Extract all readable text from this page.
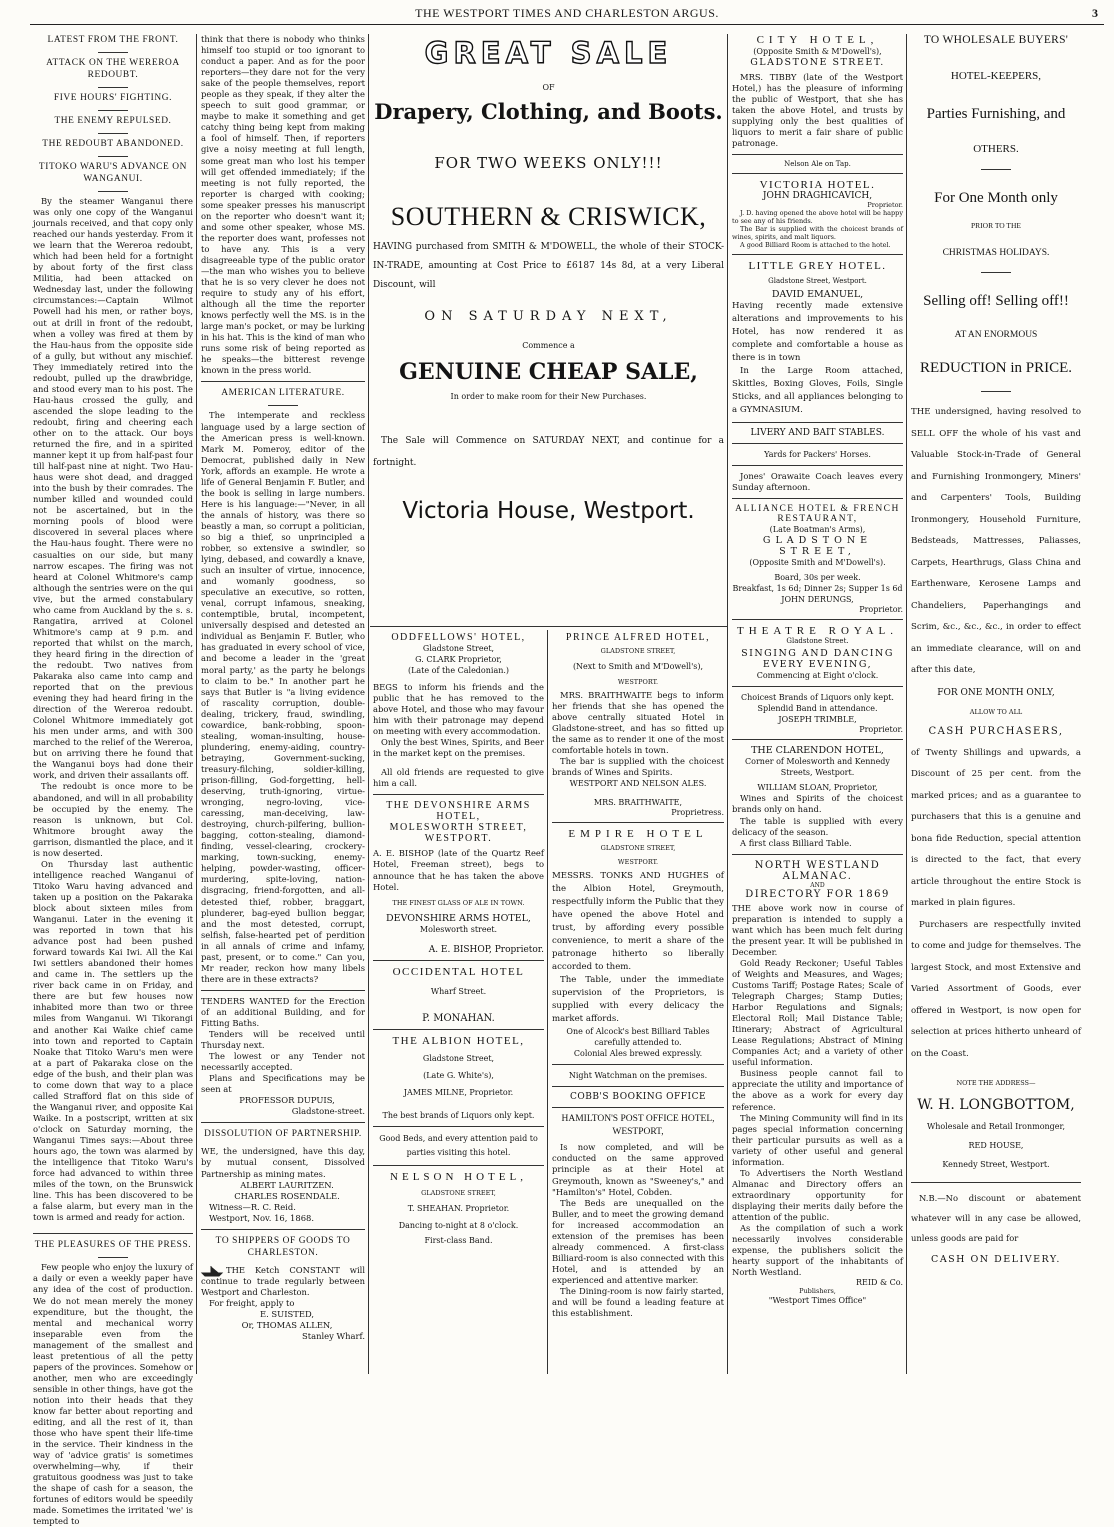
THE WESTPORT TIMES AND CHARLESTON ARGUS.	3
LATEST FROM THE FRONT.
ATTACK ON THE WEREROA REDOUBT.
FIVE HOURS' FIGHTING.
THE ENEMY REPULSED.
THE REDOUBT ABANDONED.
TITOKO WARU'S ADVANCE ON WANGANUI.

By the steamer Wanganui there was only one copy of the Wanganui journals received, and that copy only reached our hands yesterday. From it we learn that the Wereroa redoubt, which had been held for a fortnight by about forty of the first class Militia, had been attacked on Wednesday last, under the following circumstances:—Captain Wilmot Powell had his men, or rather boys, out at drill in front of the redoubt, when a volley was fired at them by the Hau-haus from the opposite side of a gully, but without any mischief. They immediately retired into the redoubt, pulled up the drawbridge, and stood every man to his post. The Hau-haus crossed the gully, and ascended the slope leading to the redoubt, firing and cheering each other on to the attack. Our boys returned the fire, and in a spirited manner kept it up from half-past four till half-past nine at night. Two Hau-haus were shot dead, and dragged into the bush by their comrades. The number killed and wounded could not be ascertained, but in the morning pools of blood were discovered in several places where the Hau-haus fought. There were no casualties on our side, but many narrow escapes. The firing was not heard at Colonel Whitmore's camp although the sentries were on the qui vive, but the armed constabulary who came from Auckland by the s. s. Rangatira, arrived at Colonel Whitmore's camp at 9 p.m. and reported that whilst on the march, they heard firing in the direction of the redoubt. Two natives from Pakaraka also came into camp and reported that on the previous evening they had heard firing in the direction of the Wereroa redoubt. Colonel Whitmore immediately got his men under arms, and with 300 marched to the relief of the Wereroa, but on arriving there he found that the Wanganui boys had done their work, and driven their assailants off.

The redoubt is once more to be abandoned, and will in all probability be occupied by the enemy. The reason is unknown, but Col. Whitmore brought away the garrison, dismantled the place, and it is now deserted.

On Thursday last authentic intelligence reached Wanganui of Titoko Waru having advanced and taken up a position on the Pakaraka block about sixteen miles from Wanganui. Later in the evening it was reported in town that his advance post had been pushed forward towards Kai Iwi. All the Kai Iwi settlers abandoned their homes and came in. The settlers up the river back came in on Friday, and there are but few houses now inhabited more than two or three miles from Wanganui. Wi Tikorangi and another Kai Waike chief came into town and reported to Captain Noake that Titoko Waru's men were at a part of Pakaraka close on the edge of the bush, and their plan was to come down that way to a place called Strafford flat on this side of the Wanganui river, and opposite Kai Waike. In a postscript, written at six o'clock on Saturday morning, the Wanganui Times says:—About three hours ago, the town was alarmed by the intelligence that Titoko Waru's force had advanced to within three miles of the town, on the Brunswick line. This has been discovered to be a false alarm, but every man in the town is armed and ready for action.

THE PLEASURES OF THE PRESS.

Few people who enjoy the luxury of a daily or even a weekly paper have any idea of the cost of production. We do not mean merely the money expenditure, but the thought, the mental and mechanical worry inseparable even from the management of the smallest and least pretentious of all the petty papers of the provinces. Somehow or another, men who are exceedingly sensible in other things, have got the notion into their heads that they know far better about reporting and editing, and all the rest of it, than those who have spent their life-time in the service. Their kindness in the way of 'advice gratis' is sometimes overwhelming—why, if their gratuitous goodness was just to take the shape of cash for a season, the fortunes of editors would be speedily made. Sometimes the irritated 'we' is tempted to

think that there is nobody who thinks himself too stupid or too ignorant to conduct a paper. And as for the poor reporters—they dare not for the very sake of the people themselves, report people as they speak, if they alter the speech to suit good grammar, or maybe to make it something and get catchy thing being kept from making a fool of himself. Then, if reporters give a noisy meeting at full length, some great man who lost his temper will get offended immediately; if the meeting is not fully reported, the reporter is charged with cooking; some speaker presses his manuscript on the reporter who doesn't want it; and some other speaker, whose MS. the reporter does want, professes not to have any. This is a very disagreeable type of the public orator—the man who wishes you to believe that he is so very clever he does not require to study any of his effort, although all the time the reporter knows perfectly well the MS. is in the large man's pocket, or may be lurking in his hat. This is the kind of man who runs some risk of being reported as he speaks—the bitterest revenge known in the press world.

AMERICAN LITERATURE.

The intemperate and reckless language used by a large section of the American press is well-known. Mark M. Pomeroy, editor of the Democrat, published daily in New York, affords an example. He wrote a life of General Benjamin F. Butler, and the book is selling in large numbers. Here is his language:—"Never, in all the annals of history, was there so beastly a man, so corrupt a politician, so big a thief, so unprincipled a robber, so extensive a swindler, so lying, debased, and cowardly a knave, such an insulter of virtue, innocence, and womanly goodness, so speculative an executive, so rotten, venal, corrupt infamous, sneaking, contemptible, brutal, incompetent, universally despised and detested an individual as Benjamin F. Butler, who has graduated in every school of vice, and become a leader in the 'great moral party,' as the party he belongs to claim to be." In another part he says that Butler is "a living evidence of rascality corruption, double-dealing, trickery, fraud, swindling, cowardice, bank-robbing, spoon-stealing, woman-insulting, house-plundering, enemy-aiding, country-betraying, Government-sucking, treasury-filching, soldier-killing, prison-filling, God-forgetting, hell-deserving, truth-ignoring, virtue-wronging, negro-loving, vice-caressing, man-deceiving, law-destroying, church-pilfering, bullion-bagging, cotton-stealing, diamond-finding, vessel-clearing, crockery-marking, town-sucking, enemy-helping, powder-wasting, officer-murdering, spite-loving, nation-disgracing, friend-forgotten, and all-detested thief, robber, braggart, plunderer, bag-eyed bullion beggar, and the most detested, corrupt, selfish, false-hearted pet of perdition in all annals of crime and infamy, past, present, or to come." Can you, Mr reader, reckon how many libels there are in these extracts?

TENDERS WANTED for the Erection of an additional Building, and for Fitting Baths.

Tenders will be received until Thursday next.

The lowest or any Tender not necessarily accepted.

Plans and Specifications may be seen at

PROFESSOR DUPUIS,

Gladstone-street.

DISSOLUTION OF PARTNERSHIP.

WE, the undersigned, have this day, by mutual consent, Dissolved Partnership as mining mates.

ALBERT LAURITZEN.

CHARLES ROSENDALE.

Witness—R. C. Reid.

Westport, Nov. 16, 1868.

TO SHIPPERS OF GOODS TO CHARLESTON.

THE Ketch CONSTANT will continue to trade regularly between Westport and Charleston.

For freight, apply to

E. SUISTED,

Or, THOMAS ALLEN,

Stanley Wharf.

GREAT SALE
OF
Drapery, Clothing, and Boots.
FOR TWO WEEKS ONLY!!!
SOUTHERN & CRISWICK,

HAVING purchased from SMITH & M'DOWELL, the whole of their STOCK-IN-TRADE, amounting at Cost Price to £6187 14s 8d, at a very Liberal Discount, will

ON SATURDAY NEXT,
Commence a
GENUINE CHEAP SALE,
In order to make room for their New Purchases.

The Sale will Commence on SATURDAY NEXT, and continue for a fortnight.

Victoria House, Westport.
ODDFELLOWS' HOTEL,
Gladstone Street,
G. CLARK Proprietor,
(Late of the Caledonian.)

BEGS to inform his friends and the public that he has removed to the above Hotel, and those who may favour him with their patronage may depend on meeting with every accommodation.

Only the best Wines, Spirits, and Beer in the market kept on the premises.

All old friends are requested to give him a call.

THE DEVONSHIRE ARMS HOTEL,
MOLESWORTH STREET, WESTPORT.

A. E. BISHOP (late of the Quartz Reef Hotel, Freeman street), begs to announce that he has taken the above Hotel.

THE FINEST GLASS OF ALE IN TOWN.
DEVONSHIRE ARMS HOTEL,
Molesworth street.
A. E. BISHOP, Proprietor.
OCCIDENTAL HOTEL
Wharf Street.
P. MONAHAN.
THE ALBION HOTEL,
Gladstone Street,
(Late G. White's),
JAMES MILNE, Proprietor.
The best brands of Liquors only kept.
Good Beds, and every attention paid to parties visiting this hotel.
NELSON HOTEL,
GLADSTONE STREET,
T. SHEAHAN. Proprietor.
Dancing to-night at 8 o'clock.
First-class Band.
PRINCE ALFRED HOTEL,
GLADSTONE STREET,
(Next to Smith and M'Dowell's),
WESTPORT.

MRS. BRAITHWAITE begs to inform her friends that she has opened the above centrally situated Hotel in Gladstone-street, and has so fitted up the same as to render it one of the most comfortable hotels in town.

The bar is supplied with the choicest brands of Wines and Spirits.

WESTPORT AND NELSON ALES.
MRS. BRAITHWAITE,
Proprietress.
EMPIRE HOTEL
GLADSTONE STREET,
WESTPORT.

MESSRS. TONKS AND HUGHES of the Albion Hotel, Greymouth, respectfully inform the Public that they have opened the above Hotel and trust, by affording every possible convenience, to merit a share of the patronage hitherto so liberally accorded to them.

The Table, under the immediate supervision of the Proprietors, is supplied with every delicacy the market affords.

One of Alcock's best Billiard Tables carefully attended to.
Colonial Ales brewed expressly.
Night Watchman on the premises.
COBB'S BOOKING OFFICE
HAMILTON'S POST OFFICE HOTEL, WESTPORT,

Is now completed, and will be conducted on the same approved principle as at their Hotel at Greymouth, known as "Sweeney's," and "Hamilton's" Hotel, Cobden.

The Beds are unequalled on the Buller, and to meet the growing demand for increased accommodation an extension of the premises has been already commenced. A first-class Billiard-room is also connected with this Hotel, and is attended by an experienced and attentive marker.

The Dining-room is now fairly started, and will be found a leading feature at this establishment.

CITY HOTEL,
(Opposite Smith & M'Dowell's),
GLADSTONE STREET.

MRS. TIBBY (late of the Westport Hotel,) has the pleasure of informing the public of Westport, that she has taken the above Hotel, and trusts by supplying only the best qualities of liquors to merit a fair share of public patronage.

Nelson Ale on Tap.
VICTORIA HOTEL.
JOHN DRAGHICAVICH,
Proprietor.

J. D. having opened the above hotel will be happy to see any of his friends.

The Bar is supplied with the choicest brands of wines, spirits, and malt liquors.

A good Billiard Room is attached to the hotel.

LITTLE GREY HOTEL.
Gladstone Street, Westport.
DAVID EMANUEL,

Having recently made extensive alterations and improvements to his Hotel, has now rendered it as complete and comfortable a house as there is in town

In the Large Room attached, Skittles, Boxing Gloves, Foils, Single Sticks, and all appliances belonging to a GYMNASIUM.

LIVERY AND BAIT STABLES.
Yards for Packers' Horses.

Jones' Orawaite Coach leaves every Sunday afternoon.

ALLIANCE HOTEL & FRENCH RESTAURANT,
(Late Boatman's Arms),
GLADSTONE STREET,
(Opposite Smith and M'Dowell's).
Board, 30s per week.
Breakfast, 1s 6d; Dinner 2s; Supper 1s 6d
JOHN DERUNGS,
Proprietor.
THEATRE ROYAL.
Gladstone Street.
SINGING AND DANCING EVERY EVENING,
Commencing at Eight o'clock.
Choicest Brands of Liquors only kept.
Splendid Band in attendance.
JOSEPH TRIMBLE,
Proprietor.
THE CLARENDON HOTEL,
Corner of Molesworth and Kennedy Streets, Westport.
WILLIAM SLOAN, Proprietor,

Wines and Spirits of the choicest brands only on hand.

The table is supplied with every delicacy of the season.

A first class Billiard Table.

NORTH WESTLAND ALMANAC.
AND
DIRECTORY FOR 1869

THE above work now in course of preparation is intended to supply a want which has been much felt during the present year. It will be published in December.

Gold Ready Reckoner; Useful Tables of Weights and Measures, and Wages; Customs Tariff; Postage Rates; Scale of Telegraph Charges; Stamp Duties; Harbor Regulations and Signals; Electoral Roll; Mail Distance Table; Itinerary; Abstract of Agricultural Lease Regulations; Abstract of Mining Companies Act; and a variety of other useful information.

Business people cannot fail to appreciate the utility and importance of the above as a work for every day reference.

The Mining Community will find in its pages special information concerning their particular pursuits as well as a variety of other useful and general information.

To Advertisers the North Westland Almanac and Directory offers an extraordinary opportunity for displaying their merits daily before the attention of the public.

As the compilation of such a work necessarily involves considerable expense, the publishers solicit the hearty support of the inhabitants of North Westland.

REID & Co.
Publishers,
"Westport Times Office"
TO WHOLESALE BUYERS'
HOTEL-KEEPERS,
Parties Furnishing, and
OTHERS.
For One Month only
PRIOR TO THE
CHRISTMAS HOLIDAYS.
Selling off! Selling off!!
AT AN ENORMOUS
REDUCTION in PRICE.

THE undersigned, having resolved to SELL OFF the whole of his vast and Valuable Stock-in-Trade of General and Furnishing Ironmongery, Miners' and Carpenters' Tools, Building Ironmongery, Household Furniture, Bedsteads, Mattresses, Paliasses, Carpets, Hearthrugs, Glass China and Earthenware, Kerosene Lamps and Chandeliers, Paperhangings and Scrim, &c., &c., &c., in order to effect an immediate clearance, will on and after this date,

FOR ONE MONTH ONLY,
ALLOW TO ALL
CASH PURCHASERS,

of Twenty Shillings and upwards, a Discount of 25 per cent. from the marked prices; and as a guarantee to purchasers that this is a genuine and bona fide Reduction, special attention is directed to the fact, that every article throughout the entire Stock is marked in plain figures.

Purchasers are respectfully invited to come and judge for themselves. The largest Stock, and most Extensive and Varied Assortment of Goods, ever offered in Westport, is now open for selection at prices hitherto unheard of on the Coast.

NOTE THE ADDRESS—
W. H. LONGBOTTOM,
Wholesale and Retail Ironmonger,
RED HOUSE,
Kennedy Street, Westport.

N.B.—No discount or abatement whatever will in any case be allowed, unless goods are paid for

CASH ON DELIVERY.
